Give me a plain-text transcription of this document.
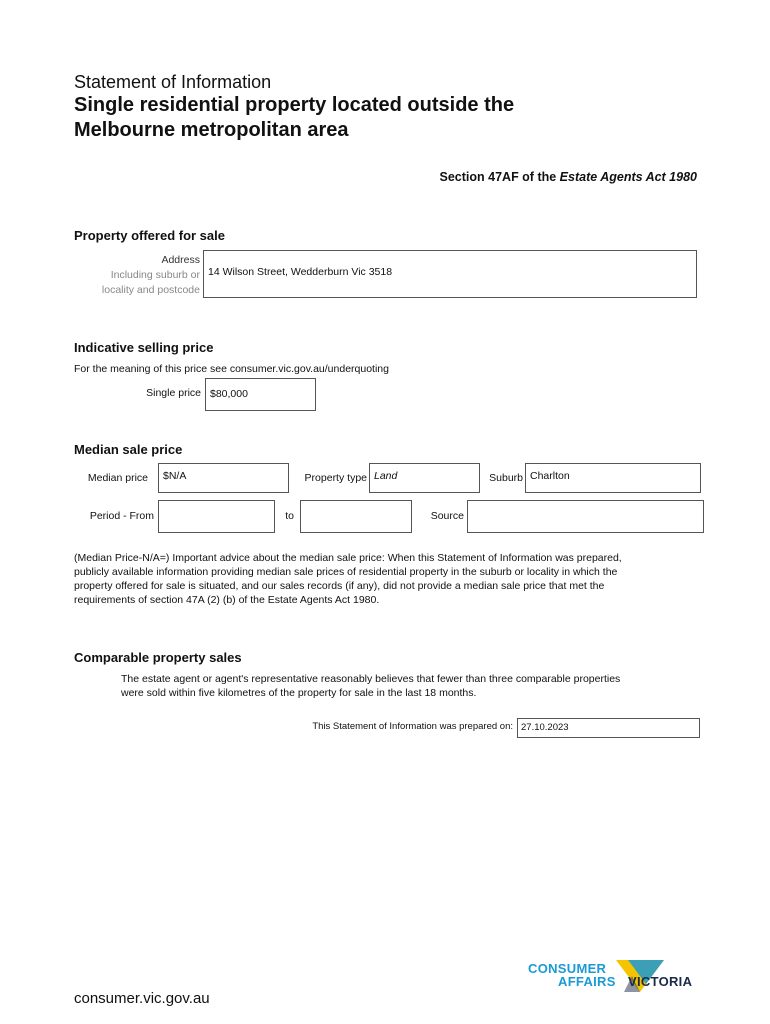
Statement of Information
Single residential property located outside the
Melbourne metropolitan area
Section 47AF of the Estate Agents Act 1980
Property offered for sale
Address
Including suburb or
locality and postcode
14 Wilson Street, Wedderburn Vic 3518
Indicative selling price
For the meaning of this price see consumer.vic.gov.au/underquoting
Single price $80,000
Median sale price
Median price	$N/A	Property type Land	Suburb Charlton
Period - From	to	Source
(Median Price-N/A=) Important advice about the median sale price: When this Statement of Information was prepared,
publicly available information providing median sale prices of residential property in the suburb or locality in which the
property offered for sale is situated, and our sales records (if any), did not provide a median sale price that met the
requirements of section 47A (2) (b) of the Estate Agents Act 1980.
Comparable property sales
The estate agent or agent's representative reasonably believes that fewer than three comparable properties
were sold within five kilometres of the property for sale in the last 18 months.
This Statement of Information was prepared on: 27.10.2023
consumer.vic.gov.au
CONSUMER
AFFAIRS VICTORIA
